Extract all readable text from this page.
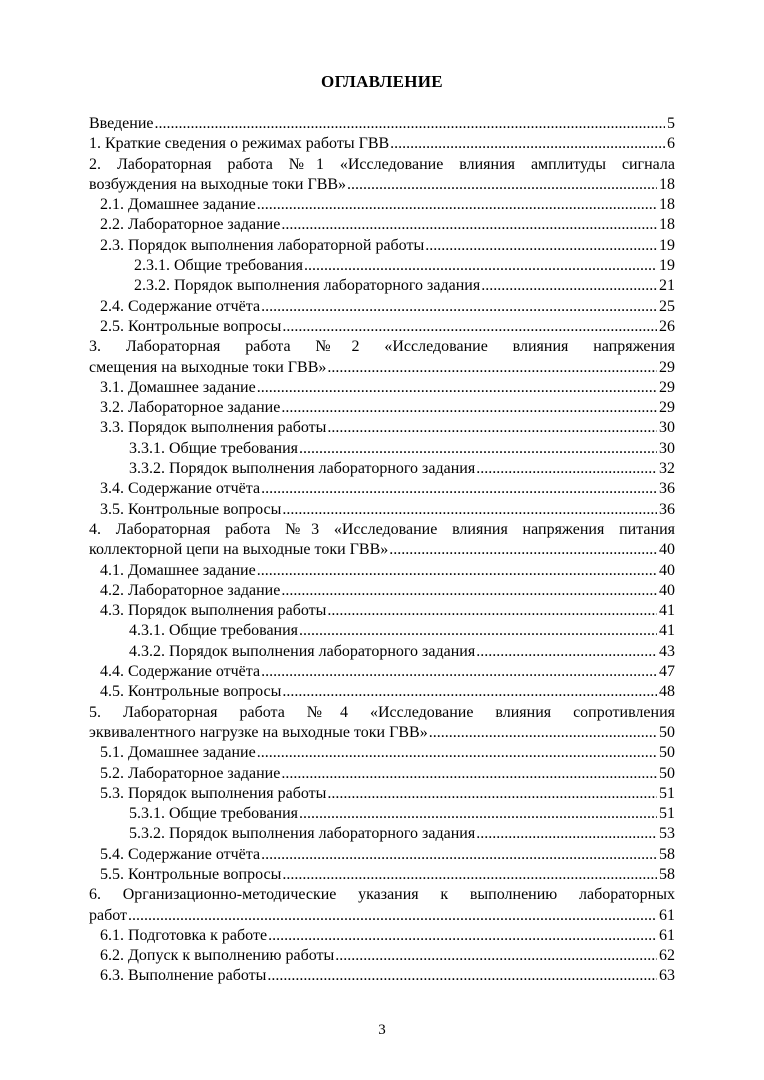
ОГЛАВЛЕНИЕ
Введение .....	5
1. Краткие сведения о режимах работы ГВВ .....	6
2. Лабораторная работа №1 «Исследование влияния амплитуды сигнала
возбуждения на выходные токи ГВВ» .....	18
2.1. Домашнее задание .....	18
2.2. Лабораторное задание .....	18
2.3. Порядок выполнения лабораторной работы .....	19
2.3.1. Общие требования .....	19
2.3.2. Порядок выполнения лабораторного задания .....	21
2.4. Содержание отчёта .....	25
2.5. Контрольные вопросы .....	26
3. Лабораторная работа №2 «Исследование влияния напряжения
смещения на выходные токи ГВВ» .....	29
3.1. Домашнее задание .....	29
3.2. Лабораторное задание .....	29
3.3. Порядок выполнения работы .....	30
3.3.1. Общие требования .....	30
3.3.2. Порядок выполнения лабораторного задания .....	32
3.4. Содержание отчёта .....	36
3.5. Контрольные вопросы .....	36
4. Лабораторная работа №3 «Исследование влияния напряжения питания
коллекторной цепи на выходные токи ГВВ» .....	40
4.1. Домашнее задание .....	40
4.2. Лабораторное задание .....	40
4.3. Порядок выполнения работы .....	41
4.3.1. Общие требования .....	41
4.3.2. Порядок выполнения лабораторного задания .....	43
4.4. Содержание отчёта .....	47
4.5. Контрольные вопросы .....	48
5. Лабораторная работа №4 «Исследование влияния сопротивления
эквивалентного нагрузке на выходные токи ГВВ» .....	50
5.1. Домашнее задание .....	50
5.2. Лабораторное задание .....	50
5.3. Порядок выполнения работы .....	51
5.3.1. Общие требования .....	51
5.3.2. Порядок выполнения лабораторного задания .....	53
5.4. Содержание отчёта .....	58
5.5. Контрольные вопросы .....	58
6. Организационно-методические указания к выполнению лабораторных
работ .....	61
6.1. Подготовка к работе .....	61
6.2. Допуск к выполнению работы .....	62
6.3. Выполнение работы .....	63
3
